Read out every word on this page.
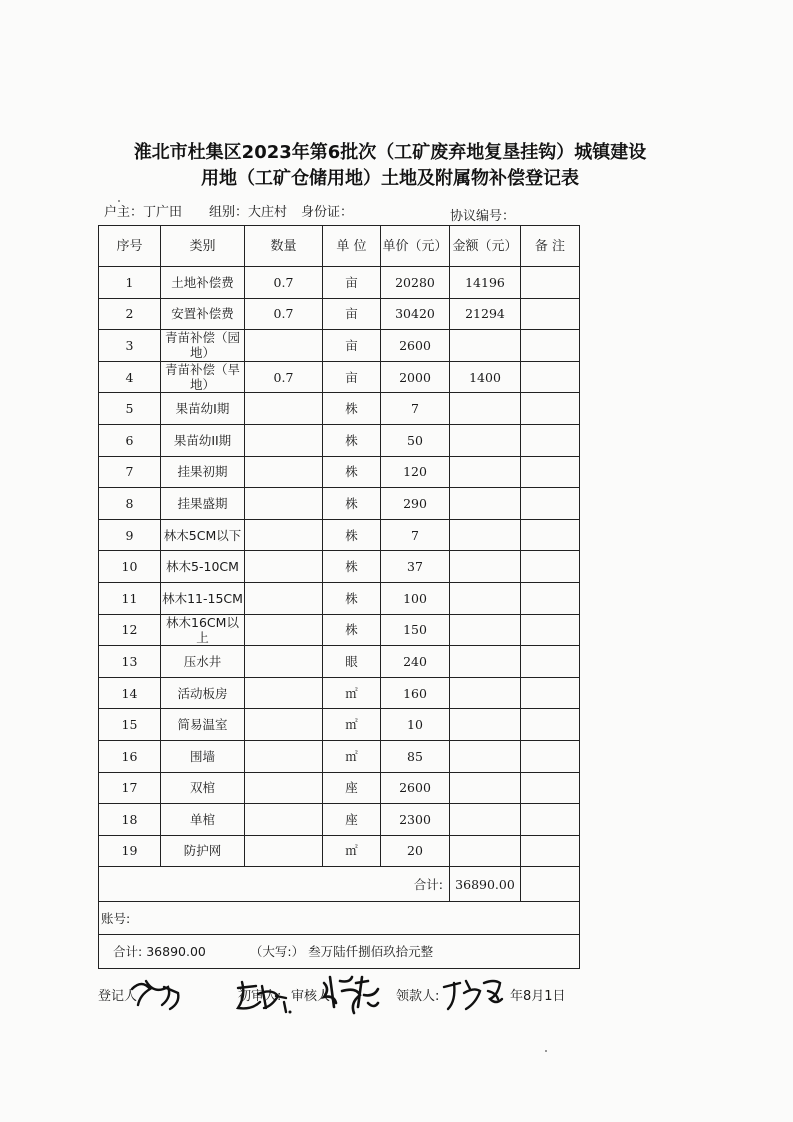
淮北市杜集区2023年第6批次（工矿废弃地复垦挂钩）城镇建设
用地（工矿仓储用地）土地及附属物补偿登记表
户主：丁广田 组别：大庄村 身份证：	协议编号：
序号	类别	数量	单 位	单价（元）	金额（元）	备 注
1	土地补偿费	0.7	亩	20280	14196	
2	安置补偿费	0.7	亩	30420	21294	
3	青苗补偿（园地）		亩	2600		
4	青苗补偿（旱地）	0.7	亩	2000	1400	
5	果苗幼I期		株	7		
6	果苗幼II期		株	50		
7	挂果初期		株	120		
8	挂果盛期		株	290		
9	林木5CM以下		株	7		
10	林木5-10CM		株	37		
11	林木11-15CM		株	100		
12	林木16CM以上		株	150		
13	压水井		眼	240		
14	活动板房		㎡	160		
15	简易温室		㎡	10		
16	围墙		㎡	85		
17	双棺		座	2600		
18	单棺		座	2300		
19	防护网		㎡	20		
合计:					36890.00	
账号:						
合计: 36890.00 （大写:） 叁万陆仟捌佰玖拾元整						
登记人	初审人: 审核人:	领款人:	年8月1日
